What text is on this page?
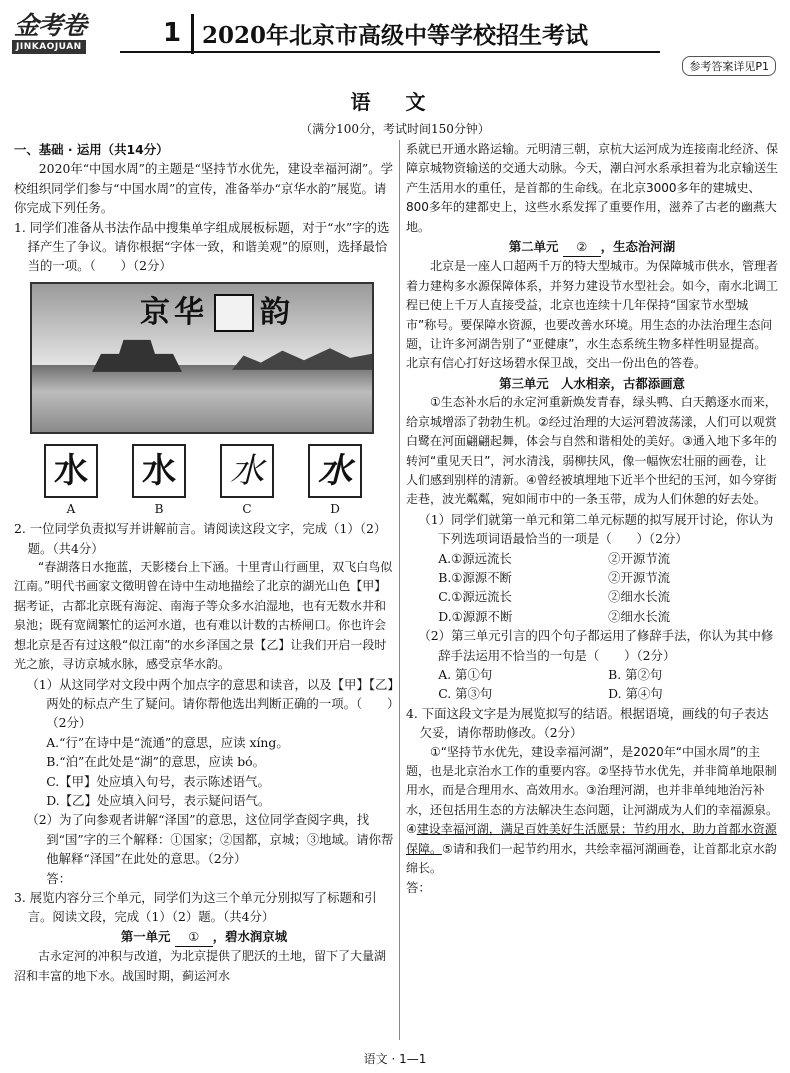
金考卷
JINKAOJUAN	1 2020年北京市高级中等学校招生考试
参考答案详见P1
语 文
（满分100分，考试时间150分钟）

一、基础 · 运用（共14分）

2020年“中国水周”的主题是“坚持节水优先，建设幸福河湖”。学校组织同学们参与“中国水周”的宣传，准备举办“京华水韵”展览。请你完成下列任务。

1. 同学们准备从书法作品中搜集单字组成展板标题，对于“水”字的选择产生了争议。请你根据“字体一致，和谐美观”的原则，选择最恰当的一项。（　　）（2分）

京华 韵
水
A
水
B
水
C
水
D

2. 一位同学负责拟写并讲解前言。请阅读这段文字，完成（1）（2）题。（共4分）

“春湖落日水拖蓝，天影楼台上下涵。十里青山行画里，双飞白鸟似江南。”明代书画家文徵明曾在诗中生动地描绘了北京的湖光山色【甲】据考证，古都北京既有海淀、南海子等众多水泊湿地，也有无数水井和泉池；既有宽阔繁忙的运河水道，也有难以计数的古桥闸口。你也许会想北京是否有过这般“似江南”的水乡泽国之景【乙】让我们开启一段时光之旅，寻访京城水脉，感受京华水韵。

（1）从这同学对文段中两个加点字的意思和读音，以及【甲】【乙】两处的标点产生了疑问。请你帮他选出判断正确的一项。（　　）（2分）

A.“行”在诗中是“流通”的意思，应读 xíng。

B.“泊”在此处是“湖”的意思，应读 bó。

C.【甲】处应填入句号，表示陈述语气。

D.【乙】处应填入问号，表示疑问语气。

（2）为了向参观者讲解“泽国”的意思，这位同学查阅字典，找到“国”字的三个解释：①国家；②国都，京城；③地域。请你帮他解释“泽国”在此处的意思。（2分）

答：

3. 展览内容分三个单元，同学们为这三个单元分别拟写了标题和引言。阅读文段，完成（1）（2）题。（共4分）

第一单元 ① ，碧水润京城

古永定河的冲积与改道，为北京提供了肥沃的土地，留下了大量湖沼和丰富的地下水。战国时期，蓟运河水

系就已开通水路运输。元明清三朝，京杭大运河成为连接南北经济、保障京城物资输送的交通大动脉。今天，潮白河水系承担着为北京输送生产生活用水的重任，是首都的生命线。在北京3000多年的建城史、800多年的建都史上，这些水系发挥了重要作用，滋养了古老的幽燕大地。

第二单元 ② ，生态治河湖

北京是一座人口超两千万的特大型城市。为保障城市供水，管理者着力建构多水源保障体系，并努力建设节水型社会。如今，南水北调工程已使上千万人直接受益，北京也连续十几年保持“国家节水型城市”称号。要保障水资源，也要改善水环境。用生态的办法治理生态问题，让许多河湖告别了“亚健康”，水生态系统生物多样性明显提高。北京有信心打好这场碧水保卫战，交出一份出色的答卷。

第三单元　人水相亲，古都添画意

①生态补水后的永定河重新焕发青春，绿头鸭、白天鹅逐水而来，给京城增添了勃勃生机。②经过治理的大运河碧波荡漾，人们可以观赏白鹭在河面翩翩起舞，体会与自然和谐相处的美好。③通入地下多年的转河“重见天日”，河水清浅，弱柳扶风，像一幅恢宏壮丽的画卷，让人们感到别样的清新。④曾经被填埋地下近半个世纪的玉河，如今穿街走巷，波光粼粼，宛如闹市中的一条玉带，成为人们休憩的好去处。

（1）同学们就第一单元和第二单元标题的拟写展开讨论，你认为下列选项词语最恰当的一项是（　　）（2分）

A.①源远流长	②开源节流
B.①源源不断	②开源节流
C.①源远流长	②细水长流
D.①源源不断	②细水长流

（2）第三单元引言的四个句子都运用了修辞手法，你认为其中修辞手法运用不恰当的一句是（　　）（2分）

A. 第①句	B. 第②句
C. 第③句	D. 第④句

4. 下面这段文字是为展览拟写的结语。根据语境，画线的句子表达欠妥，请你帮助修改。（2分）

①“坚持节水优先，建设幸福河湖”，是2020年“中国水周”的主题，也是北京治水工作的重要内容。②坚持节水优先，并非简单地限制用水，而是合理用水、高效用水。③治理河湖，也并非单纯地治污补水，还包括用生态的方法解决生态问题，让河湖成为人们的幸福源泉。④建设幸福河湖，满足百姓美好生活愿景；节约用水，助力首都水资源保障。⑤请和我们一起节约用水，共绘幸福河湖画卷，让首都北京水韵绵长。

答：

语文 · 1—1
